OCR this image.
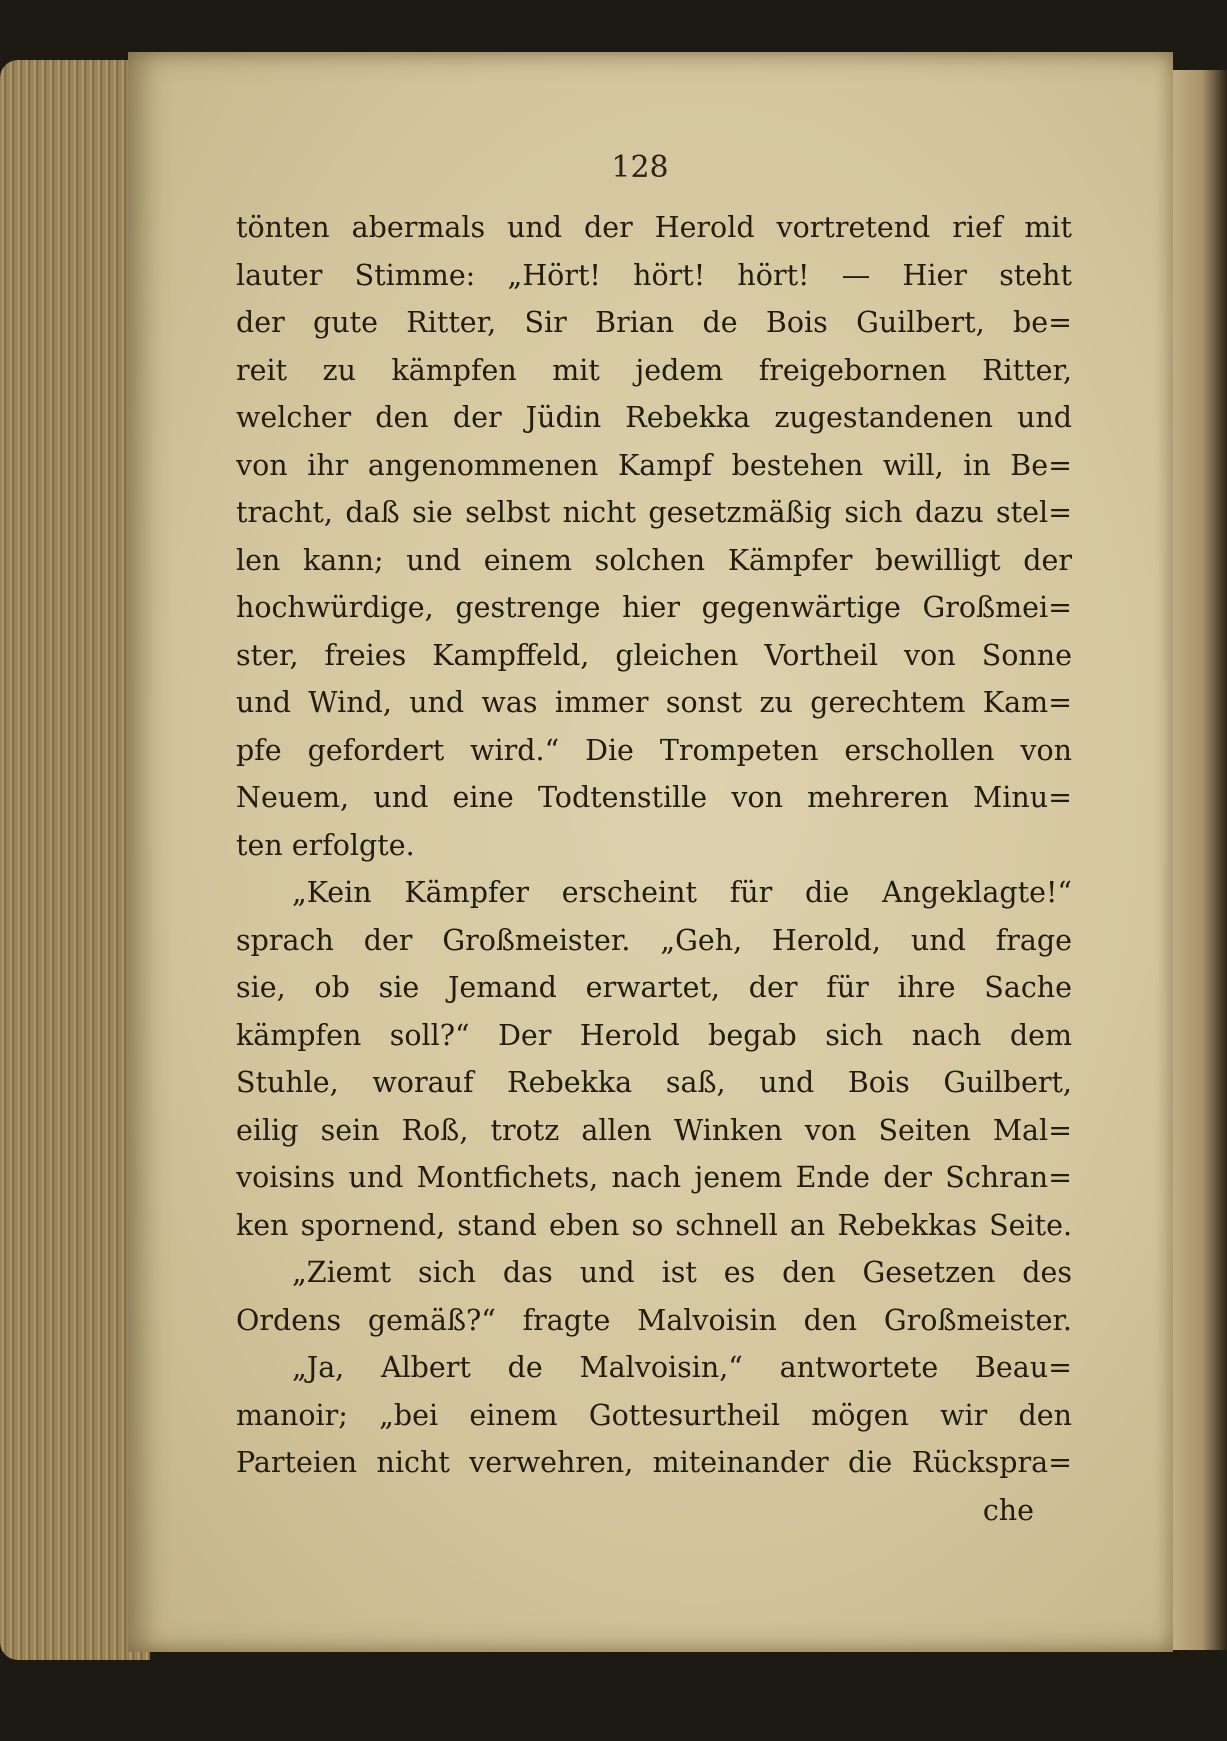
128
tönten abermals und der Herold vortretend rief mit
lauter Stimme: „Hört! hört! hört! — Hier steht
der gute Ritter, Sir Brian de Bois Guilbert, be=
reit zu kämpfen mit jedem freigebornen Ritter,
welcher den der Jüdin Rebekka zugestandenen und
von ihr angenommenen Kampf bestehen will, in Be=
tracht, daß sie selbst nicht gesetzmäßig sich dazu stel=
len kann; und einem solchen Kämpfer bewilligt der
hochwürdige, gestrenge hier gegenwärtige Großmei=
ster, freies Kampffeld, gleichen Vortheil von Sonne
und Wind, und was immer sonst zu gerechtem Kam=
pfe gefordert wird.“ Die Trompeten erschollen von
Neuem, und eine Todtenstille von mehreren Minu=
ten erfolgte.
„Kein Kämpfer erscheint für die Angeklagte!“
sprach der Großmeister. „Geh, Herold, und frage
sie, ob sie Jemand erwartet, der für ihre Sache
kämpfen soll?“ Der Herold begab sich nach dem
Stuhle, worauf Rebekka saß, und Bois Guilbert,
eilig sein Roß, trotz allen Winken von Seiten Mal=
voisins und Montfichets, nach jenem Ende der Schran=
ken spornend, stand eben so schnell an Rebekkas Seite.
„Ziemt sich das und ist es den Gesetzen des
Ordens gemäß?“ fragte Malvoisin den Großmeister.
„Ja, Albert de Malvoisin,“ antwortete Beau=
manoir; „bei einem Gottesurtheil mögen wir den
Parteien nicht verwehren, miteinander die Rücksprа=
che
